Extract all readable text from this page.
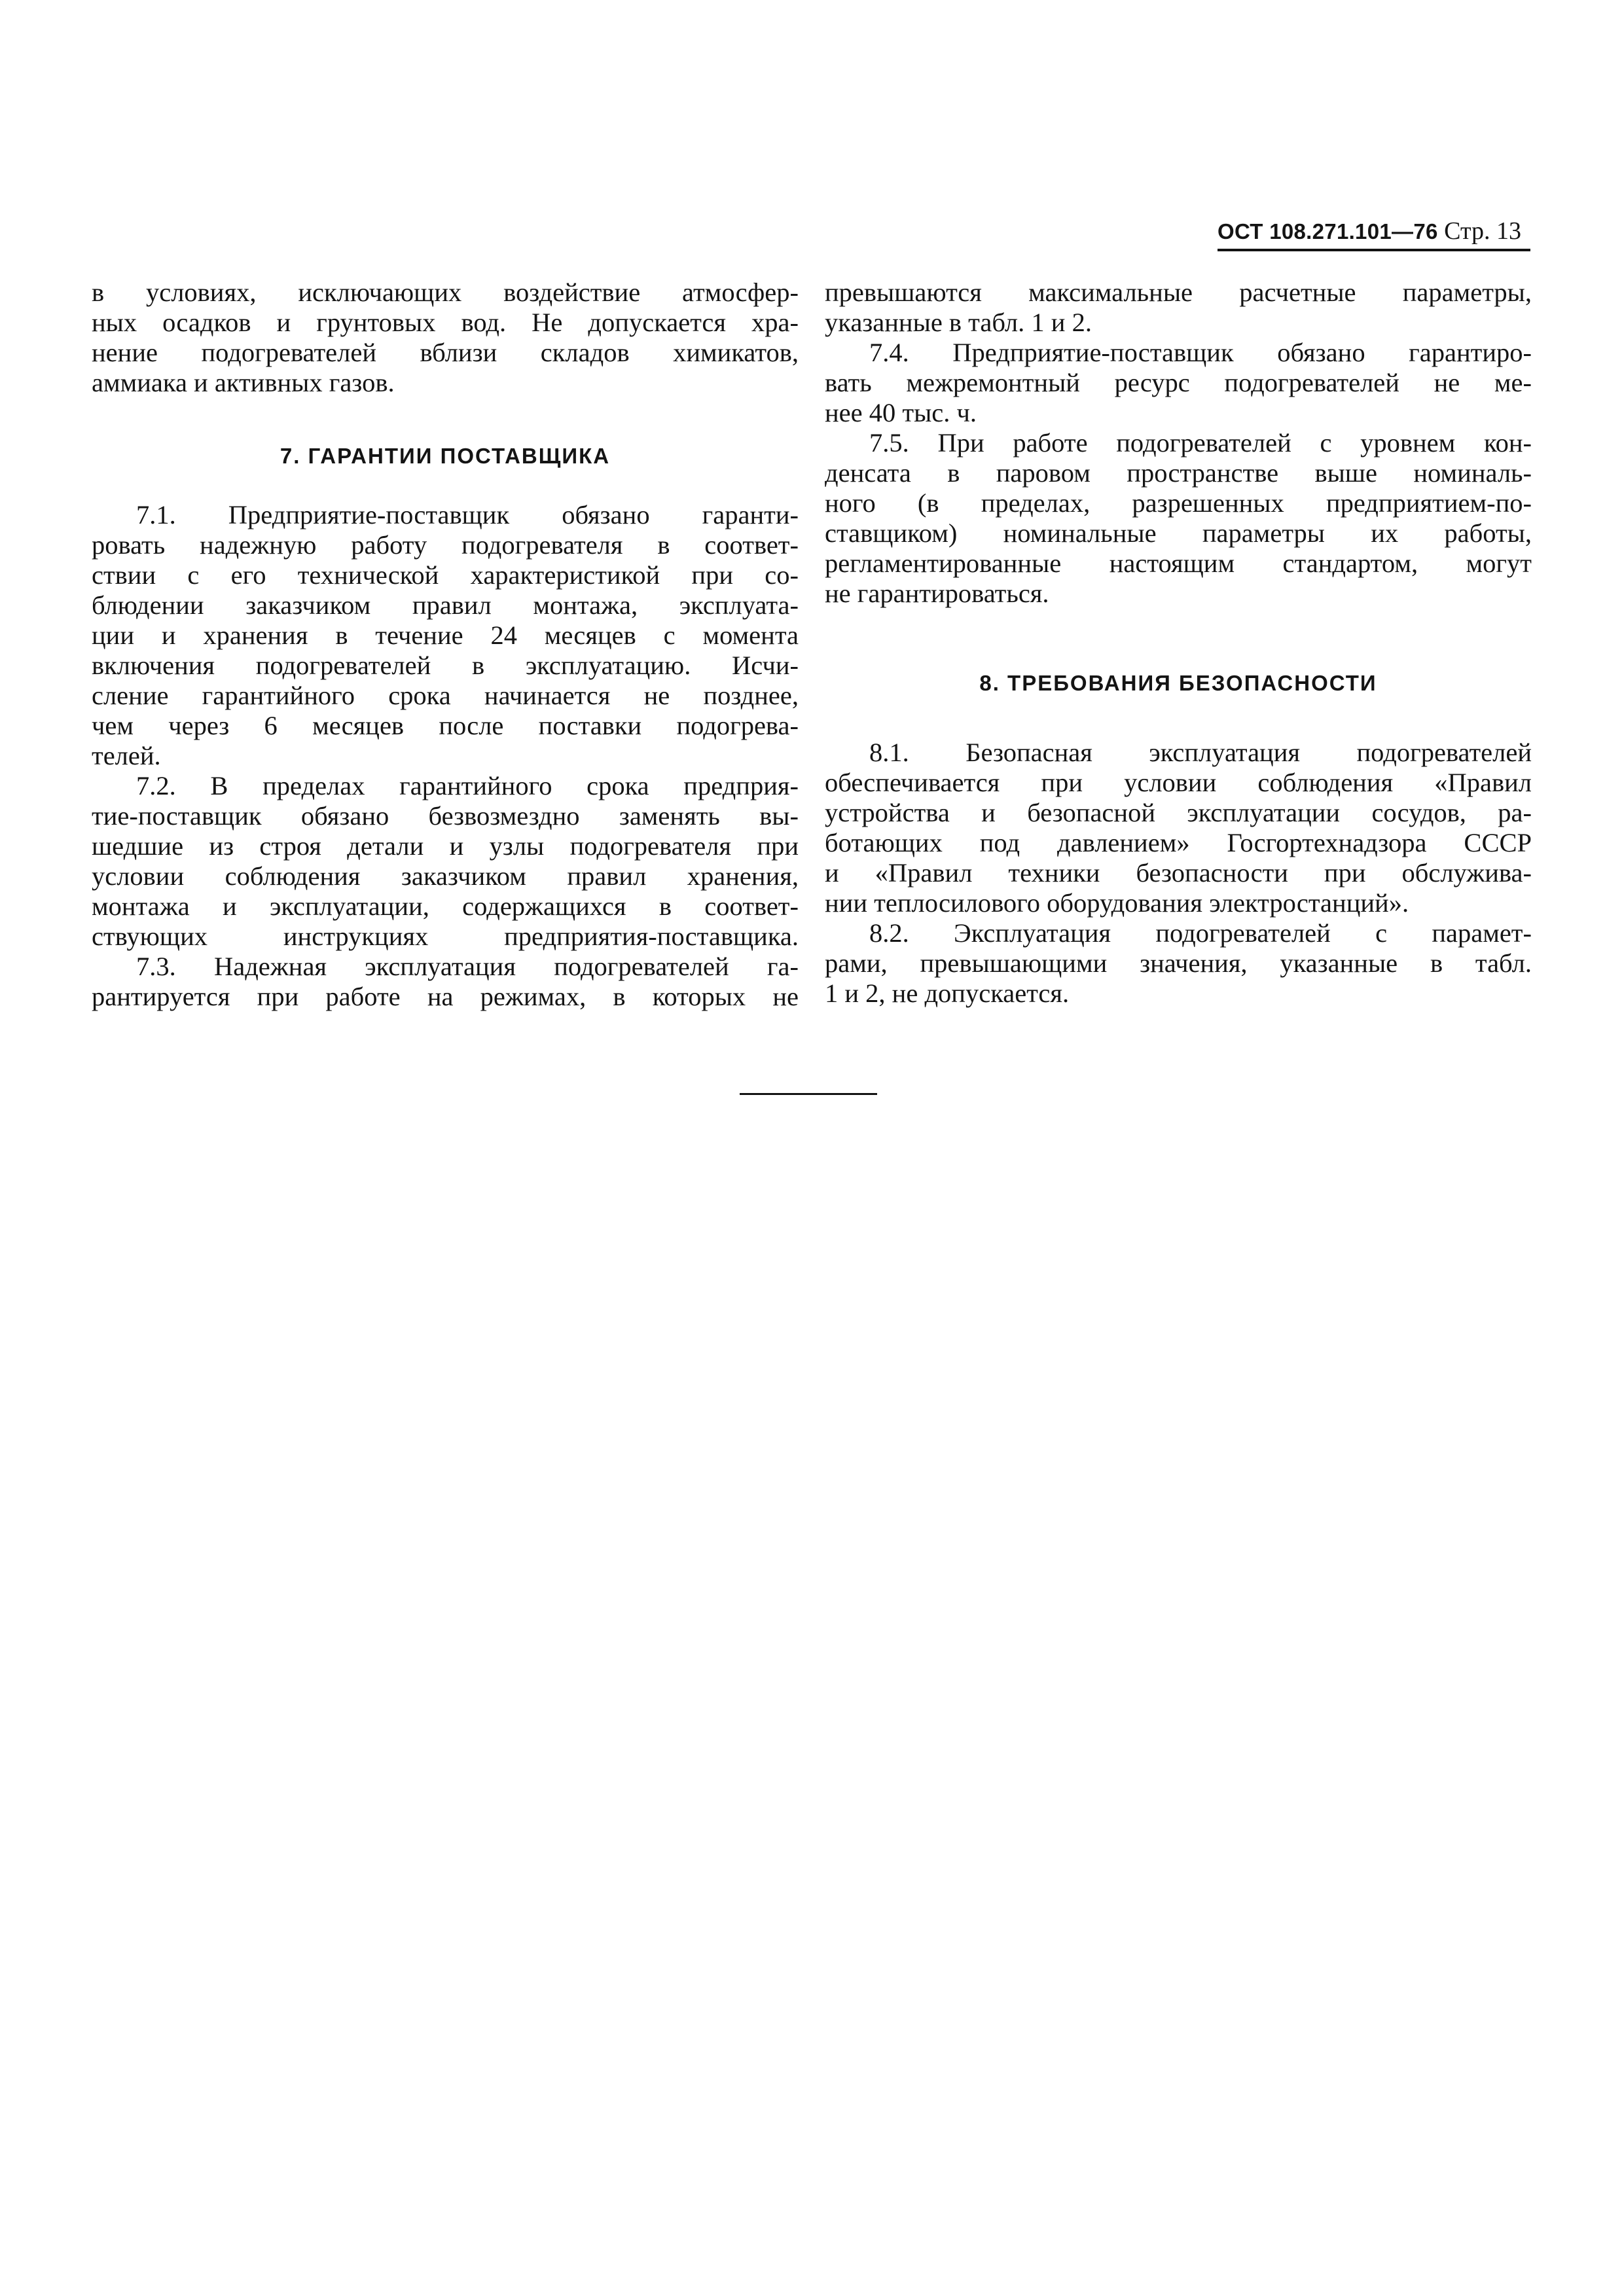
ОСТ 108.271.101—76 Стр. 13

в условиях, исключающих воздействие атмосфер-

ных осадков и грунтовых вод. Не допускается хра-

нение подогревателей вблизи складов химикатов,

аммиака и активных газов.

7. ГАРАНТИИ ПОСТАВЩИКА

7.1. Предприятие-поставщик обязано гаранти-

ровать надежную работу подогревателя в соответ-

ствии с его технической характеристикой при со-

блюдении заказчиком правил монтажа, эксплуата-

ции и хранения в течение 24 месяцев с момента

включения подогревателей в эксплуатацию. Исчи-

сление гарантийного срока начинается не позднее,

чем через 6 месяцев после поставки подогрева-

телей.

7.2. В пределах гарантийного срока предприя-

тие-поставщик обязано безвозмездно заменять вы-

шедшие из строя детали и узлы подогревателя при

условии соблюдения заказчиком правил хранения,

монтажа и эксплуатации, содержащихся в соответ-

ствующих инструкциях предприятия-поставщика.

7.3. Надежная эксплуатация подогревателей га-

рантируется при работе на режимах, в которых не

превышаются максимальные расчетные параметры,

указанные в табл. 1 и 2.

7.4. Предприятие-поставщик обязано гарантиро-

вать межремонтный ресурс подогревателей не ме-

нее 40 тыс. ч.

7.5. При работе подогревателей с уровнем кон-

денсата в паровом пространстве выше номиналь-

ного (в пределах, разрешенных предприятием-по-

ставщиком) номинальные параметры их работы,

регламентированные настоящим стандартом, могут

не гарантироваться.

8. ТРЕБОВАНИЯ БЕЗОПАСНОСТИ

8.1. Безопасная эксплуатация подогревателей

обеспечивается при условии соблюдения «Правил

устройства и безопасной эксплуатации сосудов, ра-

ботающих под давлением» Госгортехнадзора СССР

и «Правил техники безопасности при обслужива-

нии теплосилового оборудования электростанций».

8.2. Эксплуатация подогревателей с парамет-

рами, превышающими значения, указанные в табл.

1 и 2, не допускается.
